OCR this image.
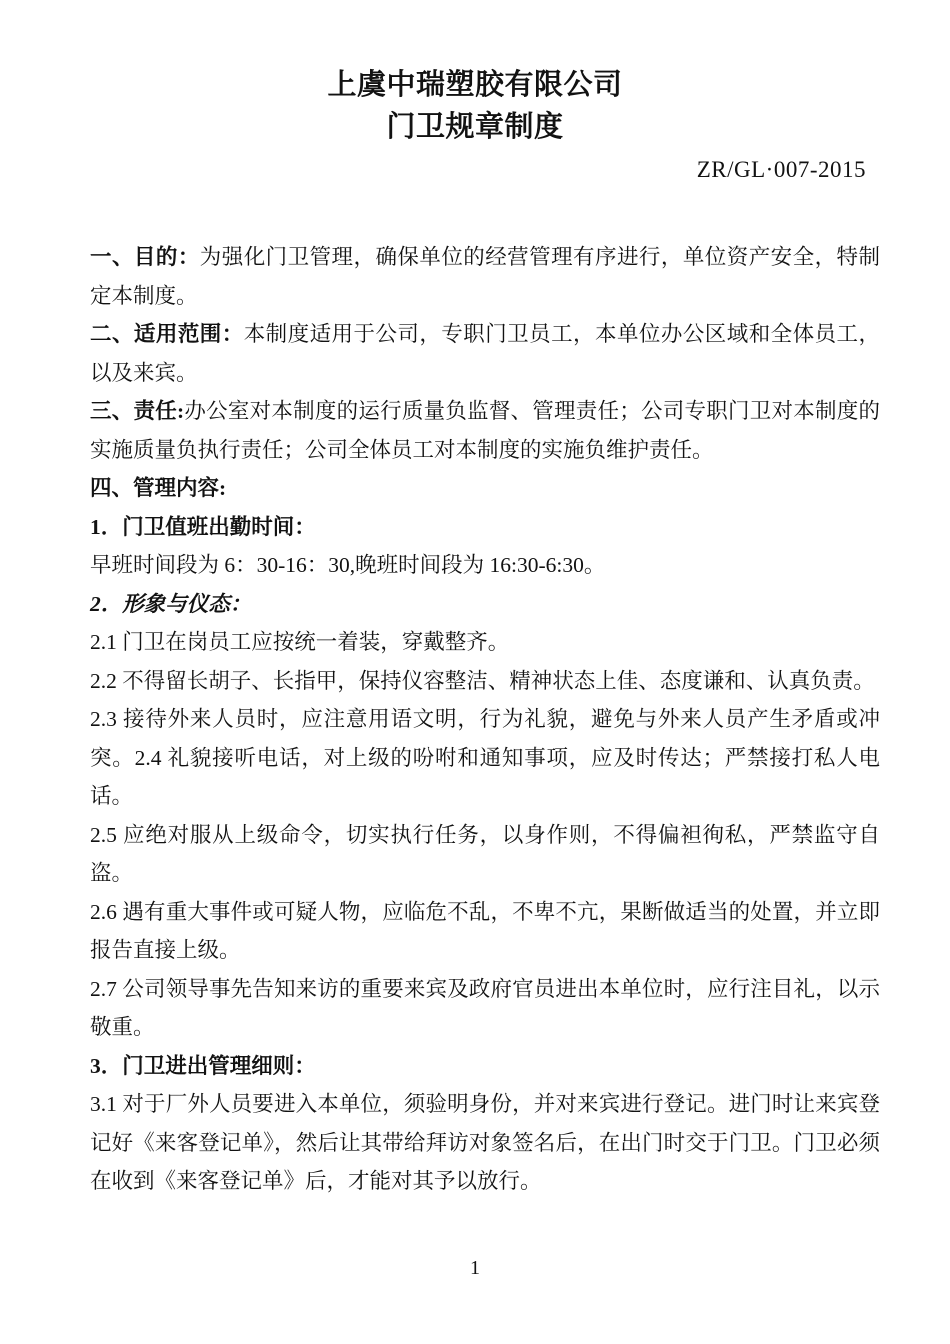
上虞中瑞塑胶有限公司
门卫规章制度
ZR/GL·007-2015

一、目的：为强化门卫管理，确保单位的经营管理有序进行，单位资产安全，特制定本制度。

二、适用范围：本制度适用于公司，专职门卫员工，本单位办公区域和全体员工，以及来宾。

三、责任:办公室对本制度的运行质量负监督、管理责任；公司专职门卫对本制度的实施质量负执行责任；公司全体员工对本制度的实施负维护责任。

四、管理内容:

1．门卫值班出勤时间：

早班时间段为 6：30-16：30,晚班时间段为 16:30-6:30。

2．形象与仪态：

2.1 门卫在岗员工应按统一着装，穿戴整齐。

2.2 不得留长胡子、长指甲，保持仪容整洁、精神状态上佳、态度谦和、认真负责。

2.3 接待外来人员时，应注意用语文明，行为礼貌，避免与外来人员产生矛盾或冲突。2.4 礼貌接听电话，对上级的吩咐和通知事项，应及时传达；严禁接打私人电话。

2.5 应绝对服从上级命令，切实执行任务，以身作则，不得偏袒徇私，严禁监守自盗。

2.6 遇有重大事件或可疑人物，应临危不乱，不卑不亢，果断做适当的处置，并立即报告直接上级。

2.7 公司领导事先告知来访的重要来宾及政府官员进出本单位时，应行注目礼，以示敬重。

3．门卫进出管理细则：

3.1 对于厂外人员要进入本单位，须验明身份，并对来宾进行登记。进门时让来宾登记好《来客登记单》，然后让其带给拜访对象签名后，在出门时交于门卫。门卫必须在收到《来客登记单》后，才能对其予以放行。

1
